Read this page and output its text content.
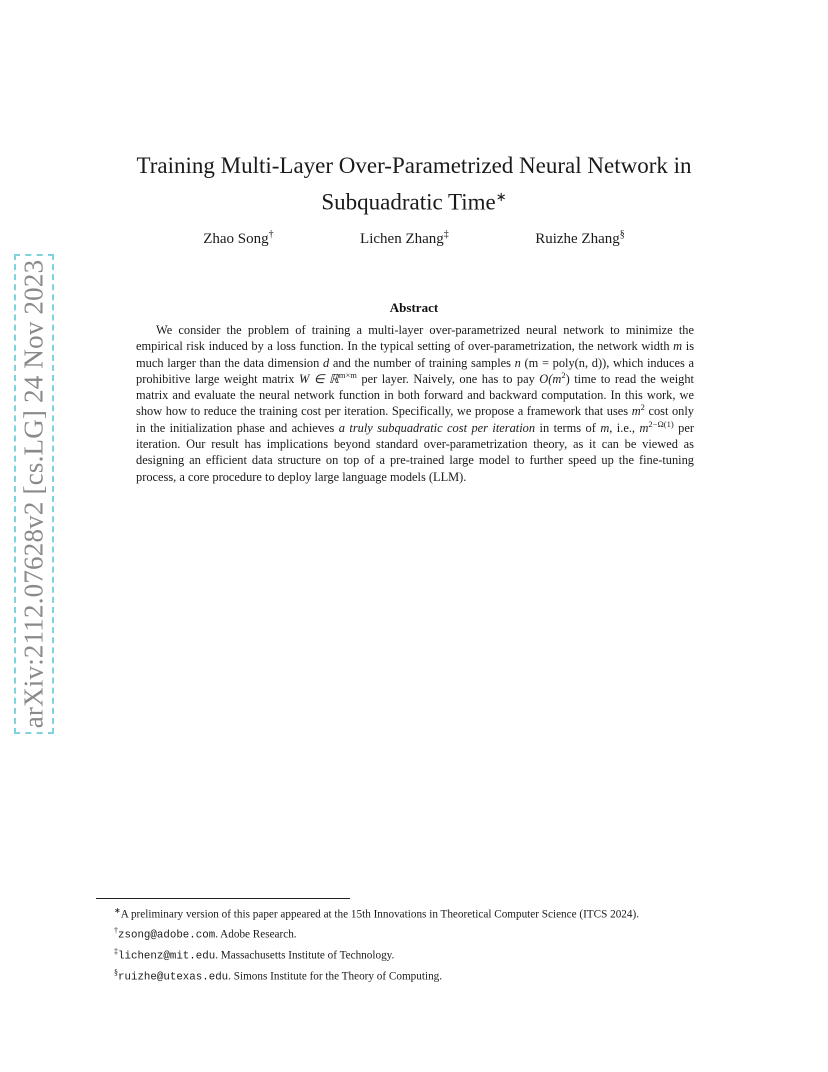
arXiv:2112.07628v2 [cs.LG] 24 Nov 2023
Training Multi-Layer Over-Parametrized Neural Network in
Subquadratic Time∗
Zhao Song†	Lichen Zhang‡	Ruizhe Zhang§
Abstract
We consider the problem of training a multi-layer over-parametrized neural network to minimize the empirical risk induced by a loss function. In the typical setting of over-parametrization, the network width m is much larger than the data dimension d and the number of training samples n (m = poly(n, d)), which induces a prohibitive large weight matrix W ∈ ℝ$^{m\times m}$ per layer. Naively, one has to pay $O(m^2)$ time to read the weight matrix and evaluate the neural network function in both forward and backward computation. In this work, we show how to reduce the training cost per iteration. Specifically, we propose a framework that uses $m^2$ cost only in the initialization phase and achieves a truly subquadratic cost per iteration in terms of m, i.e., $m^{2-\Omega(1)}$ per iteration. Our result has implications beyond standard over-parametrization theory, as it can be viewed as designing an efficient data structure on top of a pre-trained large model to further speed up the fine-tuning process, a core procedure to deploy large language models (LLM).
∗A preliminary version of this paper appeared at the 15th Innovations in Theoretical Computer Science (ITCS 2024).
†zsong@adobe.com. Adobe Research.
‡lichenz@mit.edu. Massachusetts Institute of Technology.
§ruizhe@utexas.edu. Simons Institute for the Theory of Computing.
